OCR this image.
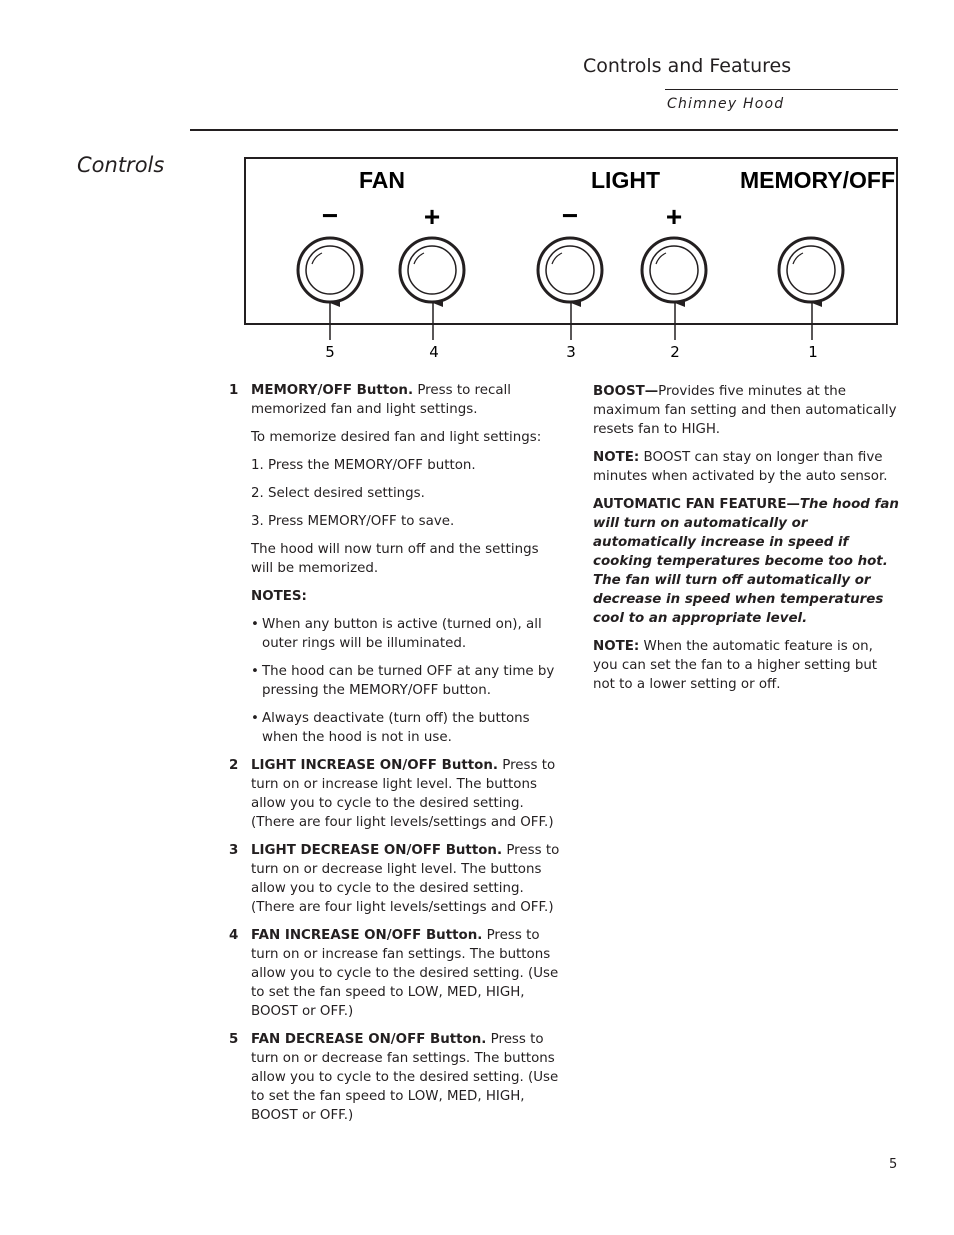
Controls and Features
Chimney Hood
Controls
FAN	LIGHT	MEMORY/OFF
−	+	−	+
5	4	3	2	1
1 MEMORY/OFF Button. Press to recall memorized fan and light settings.

To memorize desired fan and light settings:

1. Press the MEMORY/OFF button.

2. Select desired settings.

3. Press MEMORY/OFF to save.

The hood will now turn off and the settings will be memorized.

NOTES:

• When any button is active (turned on), all outer rings will be illuminated.

• The hood can be turned OFF at any time by pressing the MEMORY/OFF button.

• Always deactivate (turn off) the buttons when the hood is not in use.

2 LIGHT INCREASE ON/OFF Button. Press to turn on or increase light level. The buttons allow you to cycle to the desired setting. (There are four light levels/settings and OFF.)

3 LIGHT DECREASE ON/OFF Button. Press to turn on or decrease light level. The buttons allow you to cycle to the desired setting. (There are four light levels/settings and OFF.)

4 FAN INCREASE ON/OFF Button. Press to turn on or increase fan settings. The buttons allow you to cycle to the desired setting. (Use to set the fan speed to LOW, MED, HIGH, BOOST or OFF.)

5 FAN DECREASE ON/OFF Button. Press to turn on or decrease fan settings. The buttons allow you to cycle to the desired setting. (Use to set the fan speed to LOW, MED, HIGH, BOOST or OFF.)

BOOST—Provides five minutes at the maximum fan setting and then automatically resets fan to HIGH.

NOTE: BOOST can stay on longer than five minutes when activated by the auto sensor.

AUTOMATIC FAN FEATURE—The hood fan will turn on automatically or automatically increase in speed if cooking temperatures become too hot. The fan will turn off automatically or decrease in speed when temperatures cool to an appropriate level.

NOTE: When the automatic feature is on, you can set the fan to a higher setting but not to a lower setting or off.

5
